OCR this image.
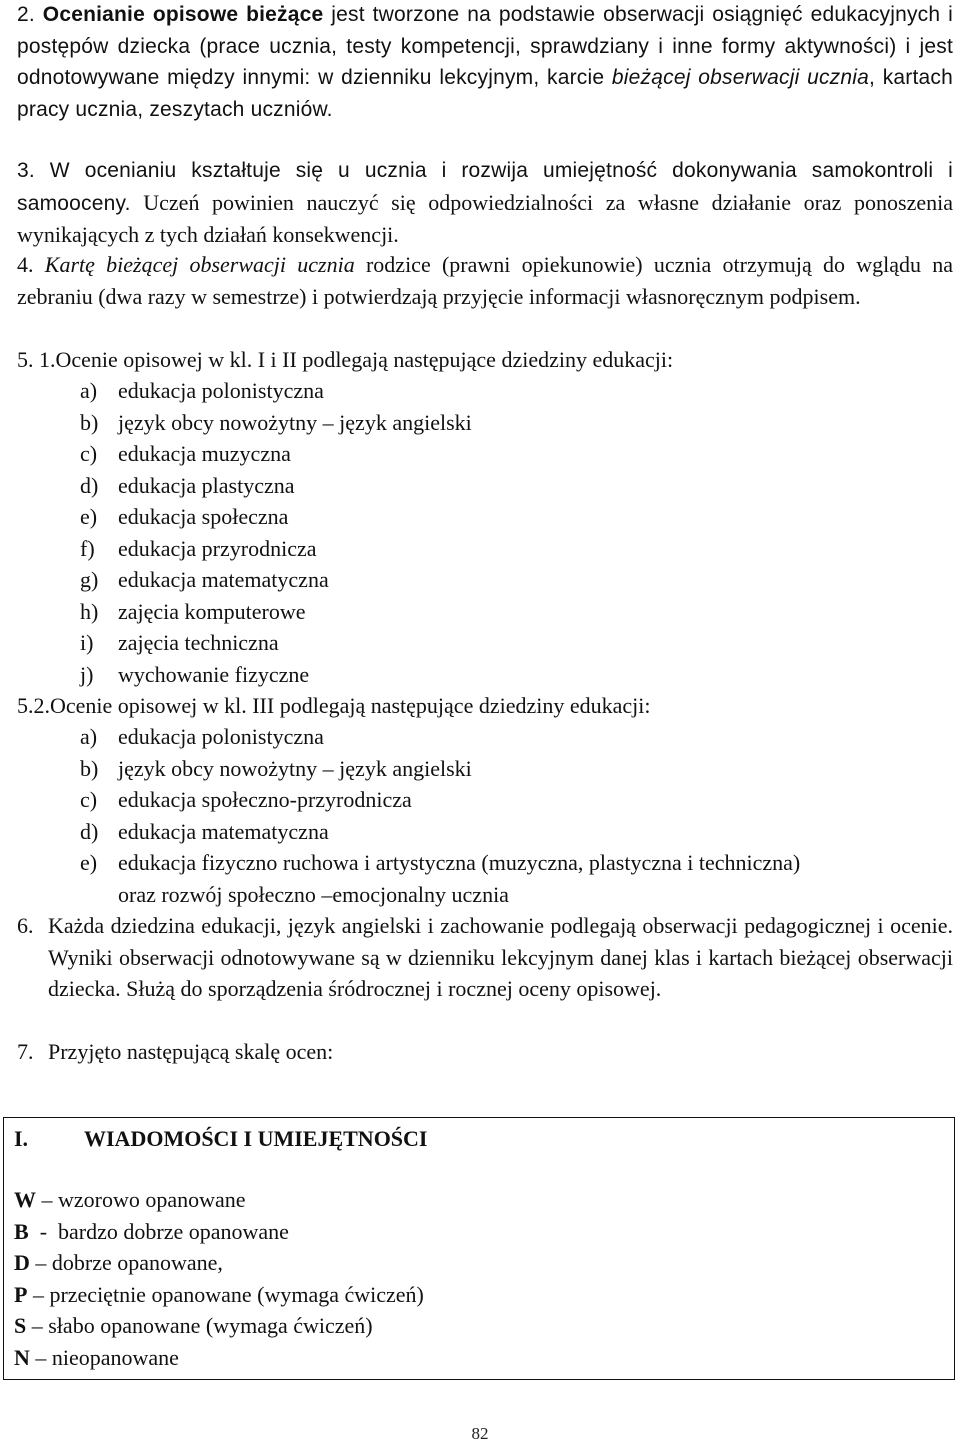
2. Ocenianie opisowe bieżące jest tworzone na podstawie obserwacji osiągnięć edukacyjnych i postępów dziecka (prace ucznia, testy kompetencji, sprawdziany i inne formy aktywności) i jest odnotowywane między innymi: w dzienniku lekcyjnym, karcie bieżącej obserwacji ucznia, kartach pracy ucznia, zeszytach uczniów.
3. W ocenianiu kształtuje się u ucznia i rozwija umiejętność dokonywania samokontroli i samooceny. Uczeń powinien nauczyć się odpowiedzialności za własne działanie oraz ponoszenia wynikających z tych działań konsekwencji.
4. Kartę bieżącej obserwacji ucznia rodzice (prawni opiekunowie) ucznia otrzymują do wglądu na zebraniu (dwa razy w semestrze) i potwierdzają przyjęcie informacji własnoręcznym podpisem.
5. 1.Ocenie opisowej w kl. I i II podlegają następujące dziedziny edukacji:
a) edukacja polonistyczna
b) język obcy nowożytny – język angielski
c) edukacja muzyczna
d) edukacja plastyczna
e) edukacja społeczna
f) edukacja przyrodnicza
g) edukacja matematyczna
h) zajęcia komputerowe
i) zajęcia techniczna
j) wychowanie fizyczne
5.2.Ocenie opisowej w kl. III podlegają następujące dziedziny edukacji:
a) edukacja polonistyczna
b) język obcy nowożytny – język angielski
c) edukacja społeczno-przyrodnicza
d) edukacja matematyczna
e) edukacja fizyczno ruchowa i artystyczna (muzyczna, plastyczna i techniczna) oraz rozwój społeczno –emocjonalny ucznia
6. Każda dziedzina edukacji, język angielski i zachowanie podlegają obserwacji pedagogicznej i ocenie. Wyniki obserwacji odnotowywane są w dzienniku lekcyjnym danej klas i kartach bieżącej obserwacji dziecka. Służą do sporządzenia śródrocznej i rocznej oceny opisowej.
7. Przyjęto następującą skalę ocen:
I.	WIADOMOŚCI I UMIEJĘTNOŚCI
W – wzorowo opanowane
B  -  bardzo dobrze opanowane
D – dobrze opanowane,
P – przeciętnie opanowane (wymaga ćwiczeń)
S – słabo opanowane (wymaga ćwiczeń)
N – nieopanowane
82
